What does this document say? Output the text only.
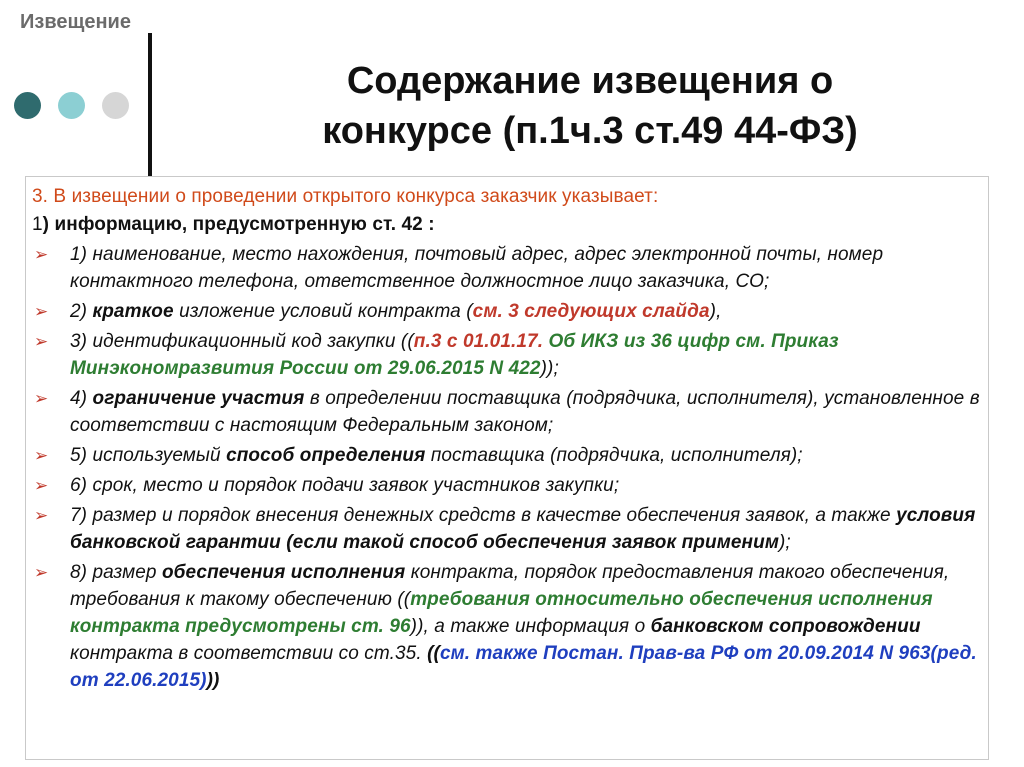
Извещение
Содержание извещения о
конкурсе (п.1ч.3 ст.49 44-ФЗ)

3. В извещении о проведении открытого конкурса заказчик указывает:

1) информацию, предусмотренную ст. 42 :

➢ 1) наименование, место нахождения, почтовый адрес, адрес электронной почты, номер контактного телефона, ответственное должностное лицо заказчика, СО;
➢ 2) краткое изложение условий контракта (см. 3 следующих слайда),
➢ 3) идентификационный код закупки ((п.3 с 01.01.17. Об ИКЗ из 36 цифр см. Приказ Минэкономразвития России от 29.06.2015 N 422));
➢ 4) ограничение участия в определении поставщика (подрядчика, исполнителя), установленное в соответствии с настоящим Федеральным законом;
➢ 5) используемый способ определения поставщика (подрядчика, исполнителя);
➢ 6) срок, место и порядок подачи заявок участников закупки;
➢ 7) размер и порядок внесения денежных средств в качестве обеспечения заявок, а также условия банковской гарантии (если такой способ обеспечения заявок применим);
➢ 8) размер обеспечения исполнения контракта, порядок предоставления такого обеспечения, требования к такому обеспечению ((требования относительно обеспечения исполнения контракта предусмотрены ст. 96)), а также информация о банковском сопровождении контракта в соответствии со ст.35. ((см. также Постан. Прав-ва РФ от 20.09.2014 N 963(ред. от 22.06.2015)))
